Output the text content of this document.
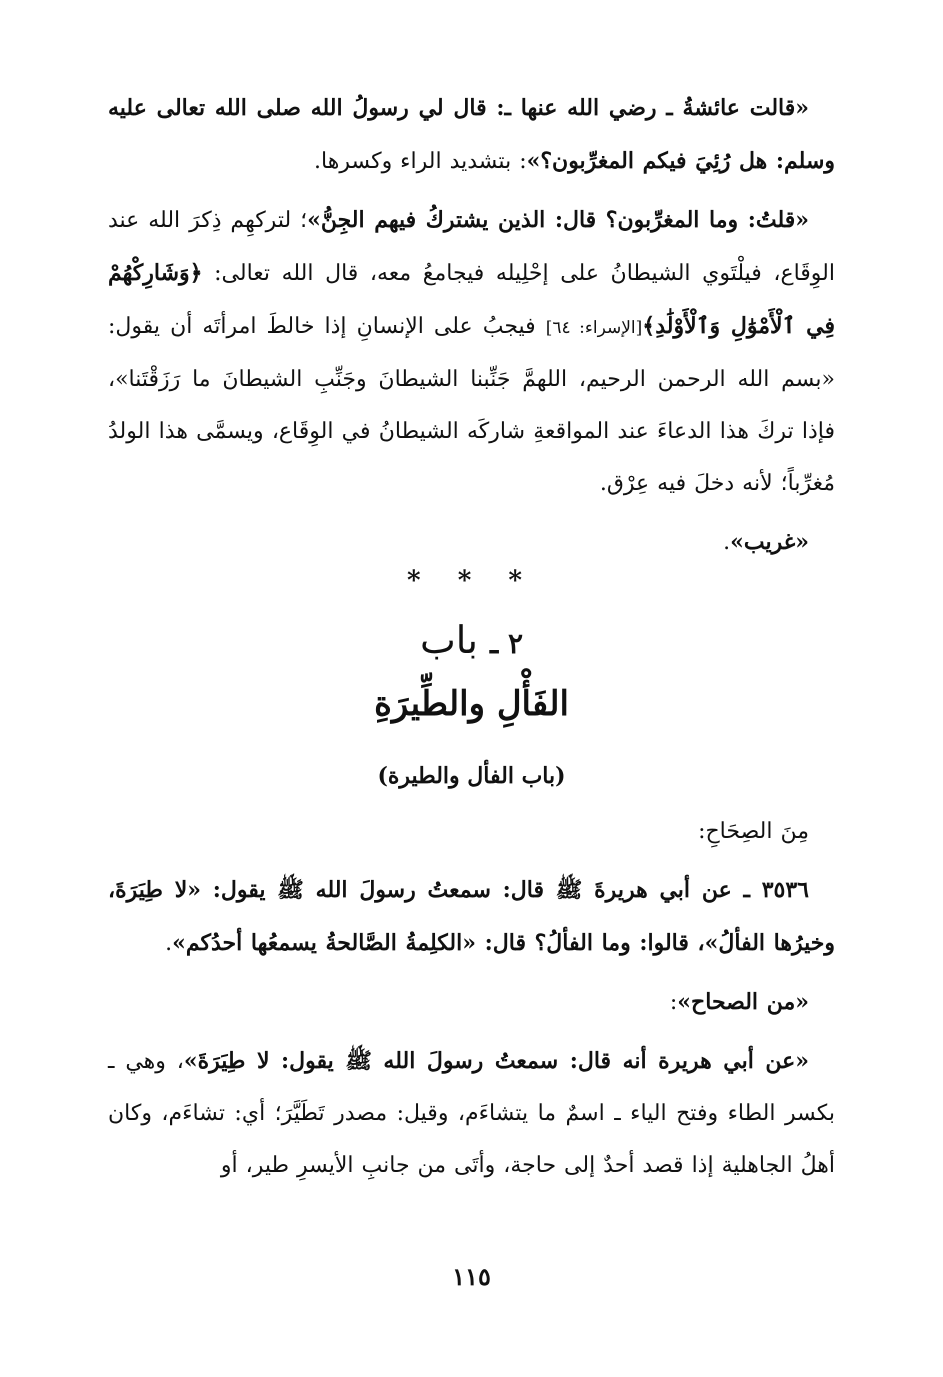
«قالت عائشةُ ـ رضي الله عنها ـ: قال لي رسولُ الله صلى الله تعالى عليه وسلم: هل رُئِيَ فيكم المغرِّبون؟»: بتشديد الراء وكسرها.

«قلتُ: وما المغرِّبون؟ قال: الذين يشتركُ فيهم الجِنُّ»؛ لتركهِم ذِكرَ الله عند الوِقَاع، فيلْتَوي الشيطانُ على إحْلِيله فيجامعُ معه، قال الله تعالى: ﴿وَشَارِكْهُمْ فِي ٱلْأَمْوَٰلِ وَٱلْأَوْلَٰدِ﴾[الإسراء: ٦٤] فيجبُ على الإنسانِ إذا خالطَ امرأتَه أن يقول: «بسم الله الرحمن الرحيم، اللهمَّ جَنِّبنا الشيطانَ وجَنِّبِ الشيطانَ ما رَزَقْتَنا»، فإذا تركَ هذا الدعاءَ عند المواقعةِ شاركَه الشيطانُ في الوِقَاع، ويسمَّى هذا الولدُ مُغرِّباً؛ لأنه دخلَ فيه عِرْق.

«غريب».

* * *
٢ ـ باب
الفَأْلِ والطِّيرَةِ
(باب الفأل والطيرة)

مِنَ الصِحَاحِ:

٣٥٣٦ ـ عن أبي هريرةَ ﷺ قال: سمعتُ رسولَ الله ﷺ يقول: «لا طِيَرَةَ، وخيرُها الفألُ»، قالوا: وما الفألُ؟ قال: «الكلِمةُ الصَّالحةُ يسمعُها أحدُكم».

«من الصحاح»:

«عن أبي هريرة أنه قال: سمعتُ رسولَ الله ﷺ يقول: لا طِيَرَةَ»، وهي ـ بكسر الطاء وفتح الياء ـ اسمٌ ما يتشاءَم، وقيل: مصدر تَطَيَّرَ؛ أي: تشاءَم، وكان أهلُ الجاهلية إذا قصد أحدٌ إلى حاجة، وأتَى من جانبِ الأيسرِ طير، أو

١١٥
